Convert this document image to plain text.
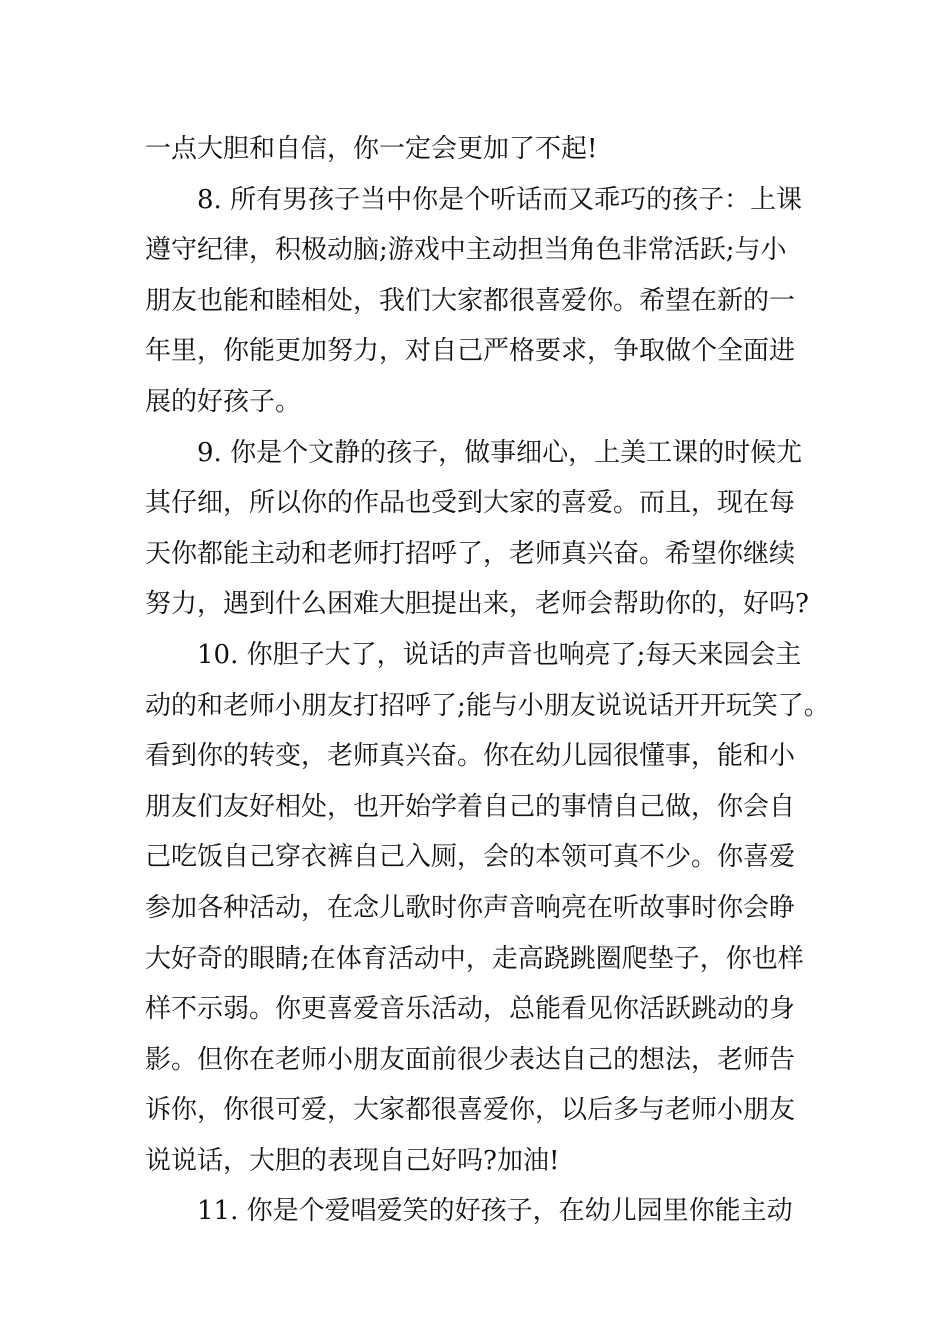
一点大胆和自信，你一定会更加了不起!
8. 所有男孩子当中你是个听话而又乖巧的孩子：上课
遵守纪律，积极动脑;游戏中主动担当角色非常活跃;与小
朋友也能和睦相处，我们大家都很喜爱你。希望在新的一
年里，你能更加努力，对自己严格要求，争取做个全面进
展的好孩子。
9. 你是个文静的孩子，做事细心，上美工课的时候尤
其仔细，所以你的作品也受到大家的喜爱。而且，现在每
天你都能主动和老师打招呼了，老师真兴奋。希望你继续
努力，遇到什么困难大胆提出来，老师会帮助你的，好吗?
10. 你胆子大了，说话的声音也响亮了;每天来园会主
动的和老师小朋友打招呼了;能与小朋友说说话开开玩笑了。
看到你的转变，老师真兴奋。你在幼儿园很懂事，能和小
朋友们友好相处，也开始学着自己的事情自己做，你会自
己吃饭自己穿衣裤自己入厕，会的本领可真不少。你喜爱
参加各种活动，在念儿歌时你声音响亮在听故事时你会睁
大好奇的眼睛;在体育活动中，走高跷跳圈爬垫子，你也样
样不示弱。你更喜爱音乐活动，总能看见你活跃跳动的身
影。但你在老师小朋友面前很少表达自己的想法，老师告
诉你，你很可爱，大家都很喜爱你，以后多与老师小朋友
说说话，大胆的表现自己好吗?加油!
11. 你是个爱唱爱笑的好孩子，在幼儿园里你能主动
